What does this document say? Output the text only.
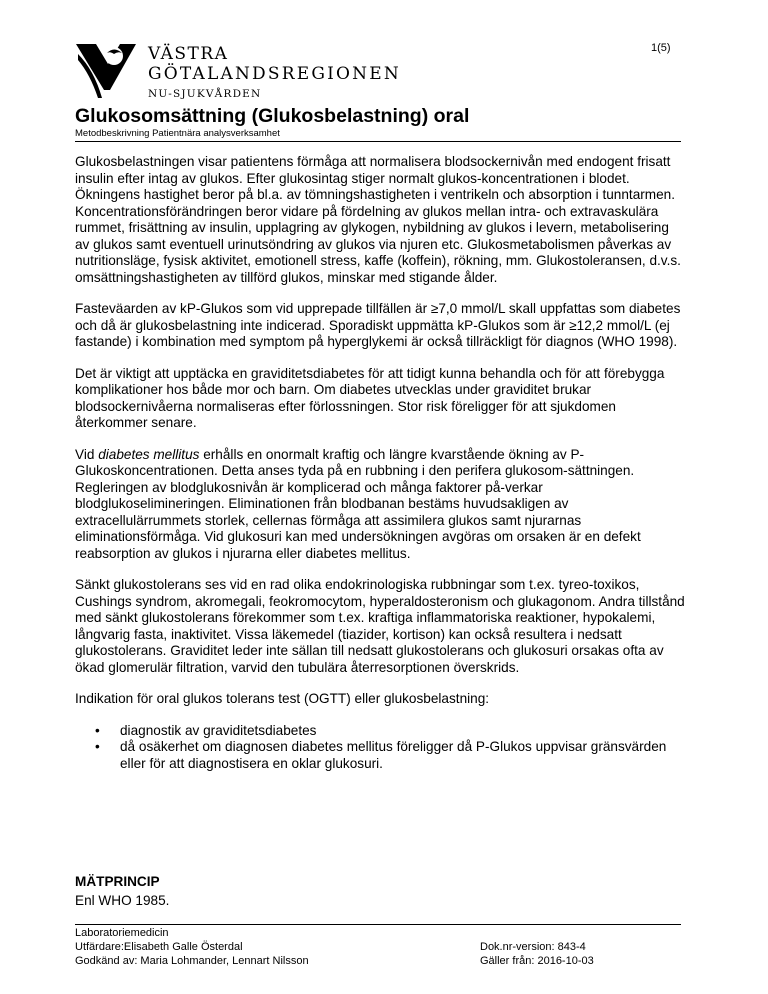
1(5)
VÄSTRA
GÖTALANDSREGIONEN
NU-SJUKVÅRDEN
Glukosomsättning (Glukosbelastning) oral
Metodbeskrivning Patientnära analysverksamhet

Glukosbelastningen visar patientens förmåga att normalisera blodsockernivån med endogent frisatt insulin efter intag av glukos. Efter glukosintag stiger normalt glukos-koncentrationen i blodet. Ökningens hastighet beror på bl.a. av tömningshastigheten i ventrikeln och absorption i tunntarmen. Koncentrationsförändringen beror vidare på fördelning av glukos mellan intra- och extravaskulära rummet, frisättning av insulin, upplagring av glykogen, nybildning av glukos i levern, metabolisering av glukos samt eventuell urinutsöndring av glukos via njuren etc. Glukosmetabolismen påverkas av nutritionsläge, fysisk aktivitet, emotionell stress, kaffe (koffein), rökning, mm. Glukostoleransen, d.v.s. omsättningshastigheten av tillförd glukos, minskar med stigande ålder.

Fasteväarden av kP-Glukos som vid upprepade tillfällen är ≥7,0 mmol/L skall uppfattas som diabetes och då är glukosbelastning inte indicerad. Sporadiskt uppmätta kP-Glukos som är ≥12,2 mmol/L (ej fastande) i kombination med symptom på hyperglykemi är också tillräckligt för diagnos (WHO 1998).

Det är viktigt att upptäcka en graviditetsdiabetes för att tidigt kunna behandla och för att förebygga komplikationer hos både mor och barn. Om diabetes utvecklas under graviditet brukar blodsockernivåerna normaliseras efter förlossningen. Stor risk föreligger för att sjukdomen återkommer senare.

Vid diabetes mellitus erhålls en onormalt kraftig och längre kvarstående ökning av P-Glukoskoncentrationen. Detta anses tyda på en rubbning i den perifera glukosom-sättningen. Regleringen av blodglukosnivån är komplicerad och många faktorer på-verkar blodglukoselimineringen. Eliminationen från blodbanan bestäms huvudsakligen av extracellulärrummets storlek, cellernas förmåga att assimilera glukos samt njurarnas eliminationsförmåga. Vid glukosuri kan med undersökningen avgöras om orsaken är en defekt reabsorption av glukos i njurarna eller diabetes mellitus.

Sänkt glukostolerans ses vid en rad olika endokrinologiska rubbningar som t.ex. tyreo-toxikos, Cushings syndrom, akromegali, feokromocytom, hyperaldosteronism och glukagonom. Andra tillstånd med sänkt glukostolerans förekommer som t.ex. kraftiga inflammatoriska reaktioner, hypokalemi, långvarig fasta, inaktivitet. Vissa läkemedel (tiazider, kortison) kan också resultera i nedsatt glukostolerans. Graviditet leder inte sällan till nedsatt glukostolerans och glukosuri orsakas ofta av ökad glomerulär filtration, varvid den tubulära återresorptionen överskrids.

Indikation för oral glukos tolerans test (OGTT) eller glukosbelastning:

• diagnostik av graviditetsdiabetes
• då osäkerhet om diagnosen diabetes mellitus föreligger då P-Glukos uppvisar gränsvärden eller för att diagnostisera en oklar glukosuri.
MÄTPRINCIP
Enl WHO 1985.
Laboratoriemedicin
Utfärdare:Elisabeth Galle Österdal
Godkänd av: Maria Lohmander, Lennart Nilsson
Dok.nr-version: 843-4
Gäller från: 2016-10-03
